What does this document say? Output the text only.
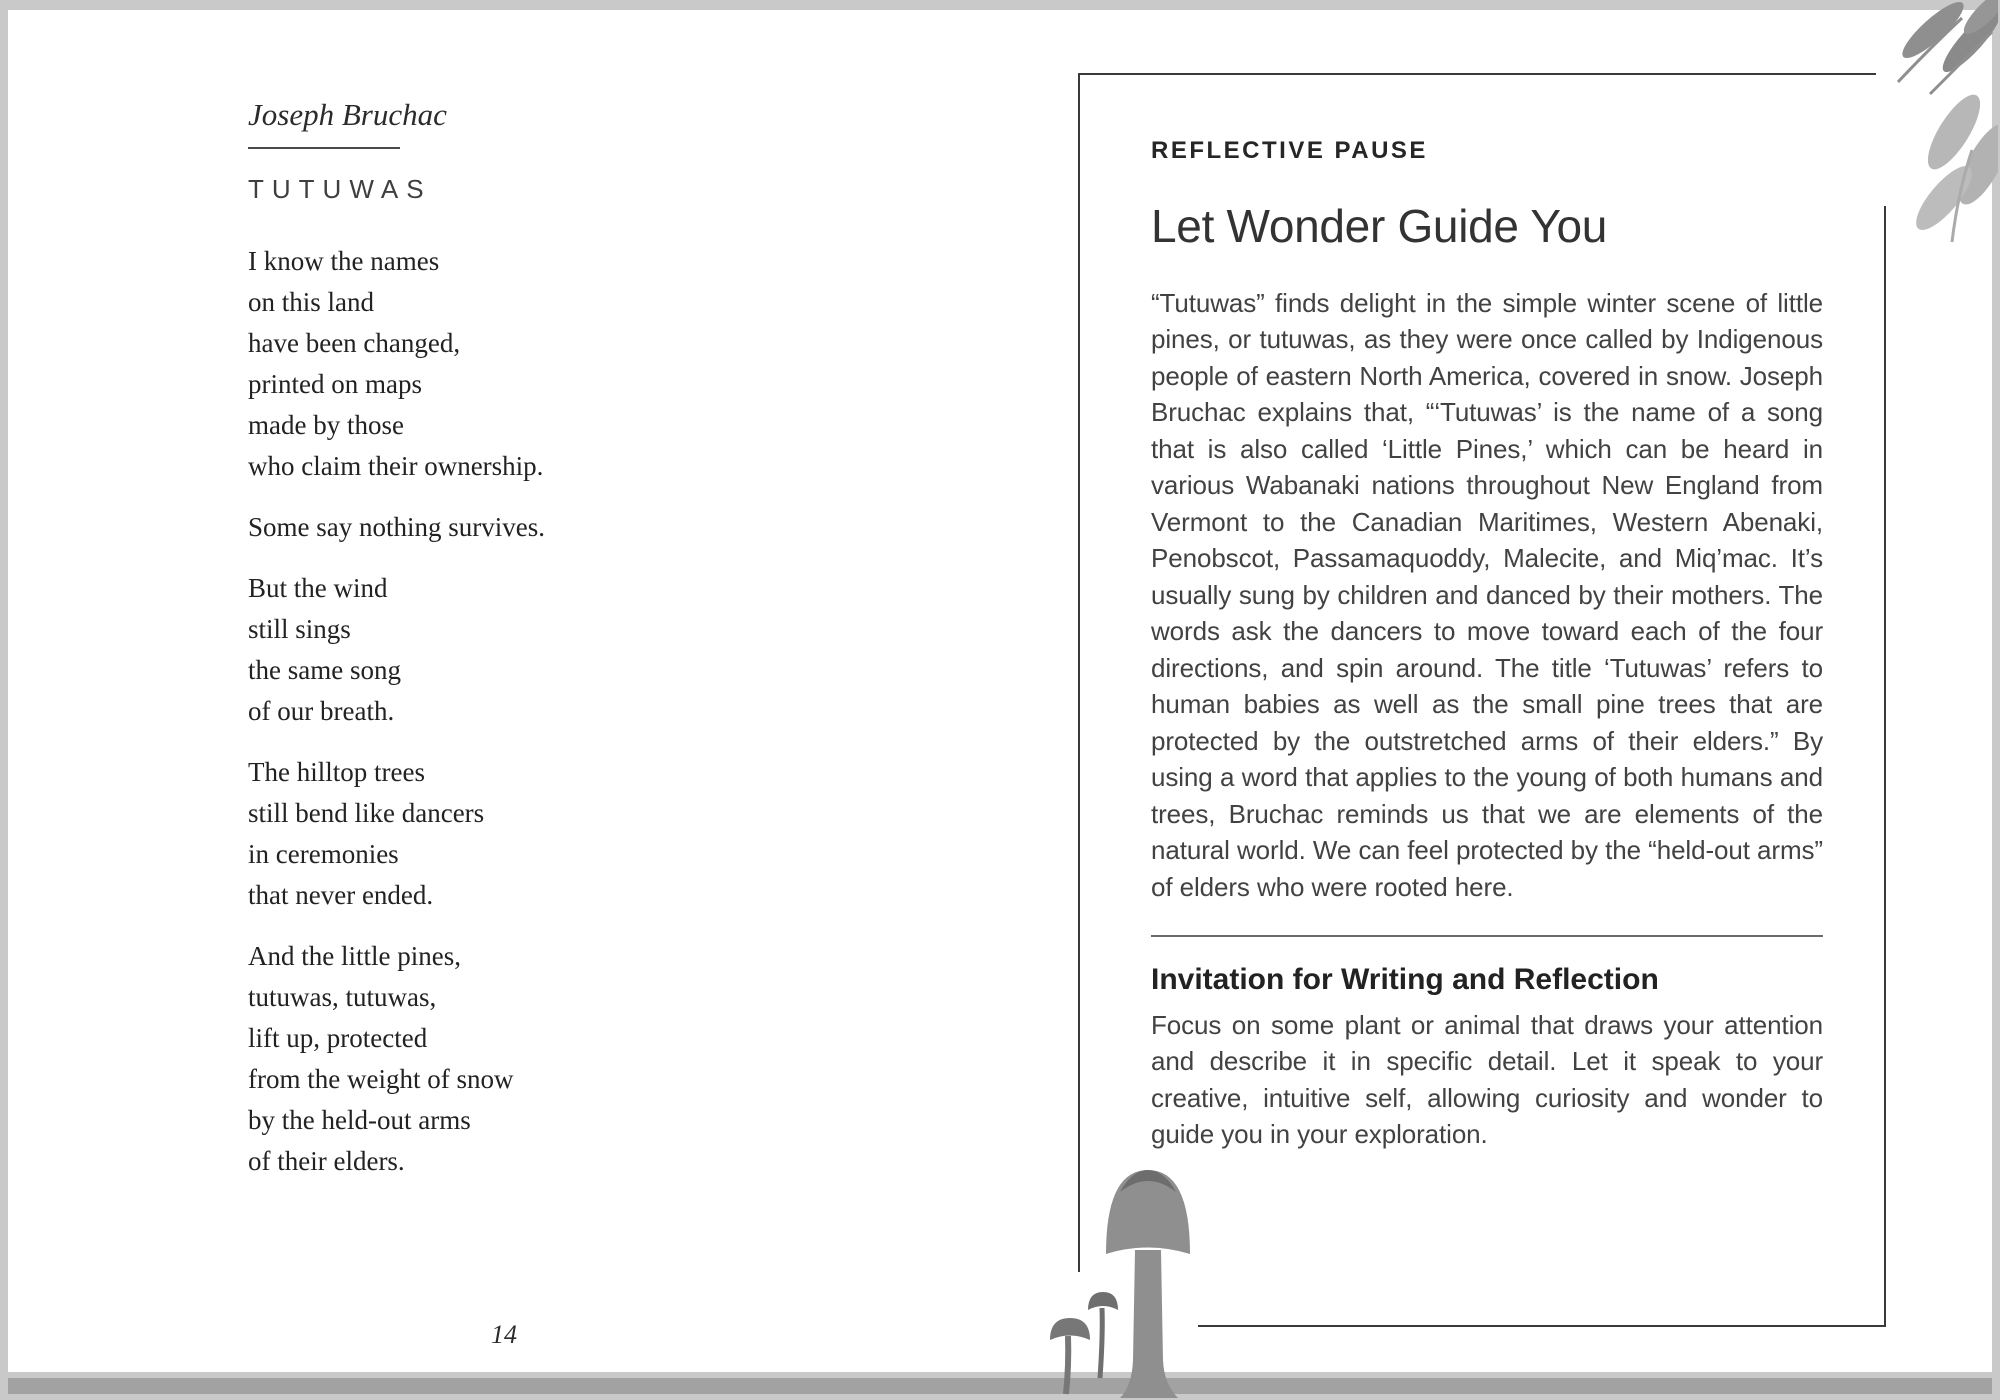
Joseph Bruchac
TUTUWAS
I know the names
on this land
have been changed,
printed on maps
made by those
who claim their ownership.
Some say nothing survives.
But the wind
still sings
the same song
of our breath.
The hilltop trees
still bend like dancers
in ceremonies
that never ended.
And the little pines,
tutuwas, tutuwas,
lift up, protected
from the weight of snow
by the held-out arms
of their elders.
14
REFLECTIVE PAUSE
Let Wonder Guide You

“Tutuwas” finds delight in the simple winter scene of little pines, or tutuwas, as they were once called by Indigenous people of eastern North America, covered in snow. Joseph Bruchac explains that, “‘Tutuwas’ is the name of a song that is also called ‘Little Pines,’ which can be heard in various Wabanaki nations throughout New England from Vermont to the Canadian Maritimes, Western Abenaki, Penobscot, Passamaquoddy, Malecite, and Miq’mac. It’s usually sung by children and danced by their mothers. The words ask the dancers to move toward each of the four directions, and spin around. The title ‘Tutuwas’ refers to human babies as well as the small pine trees that are protected by the outstretched arms of their elders.” By using a word that applies to the young of both humans and trees, Bruchac reminds us that we are elements of the natural world. We can feel protected by the “held-out arms” of elders who were rooted here.

Invitation for Writing and Reflection

Focus on some plant or animal that draws your attention and describe it in specific detail. Let it speak to your creative, intuitive self, allowing curiosity and wonder to guide you in your exploration.
